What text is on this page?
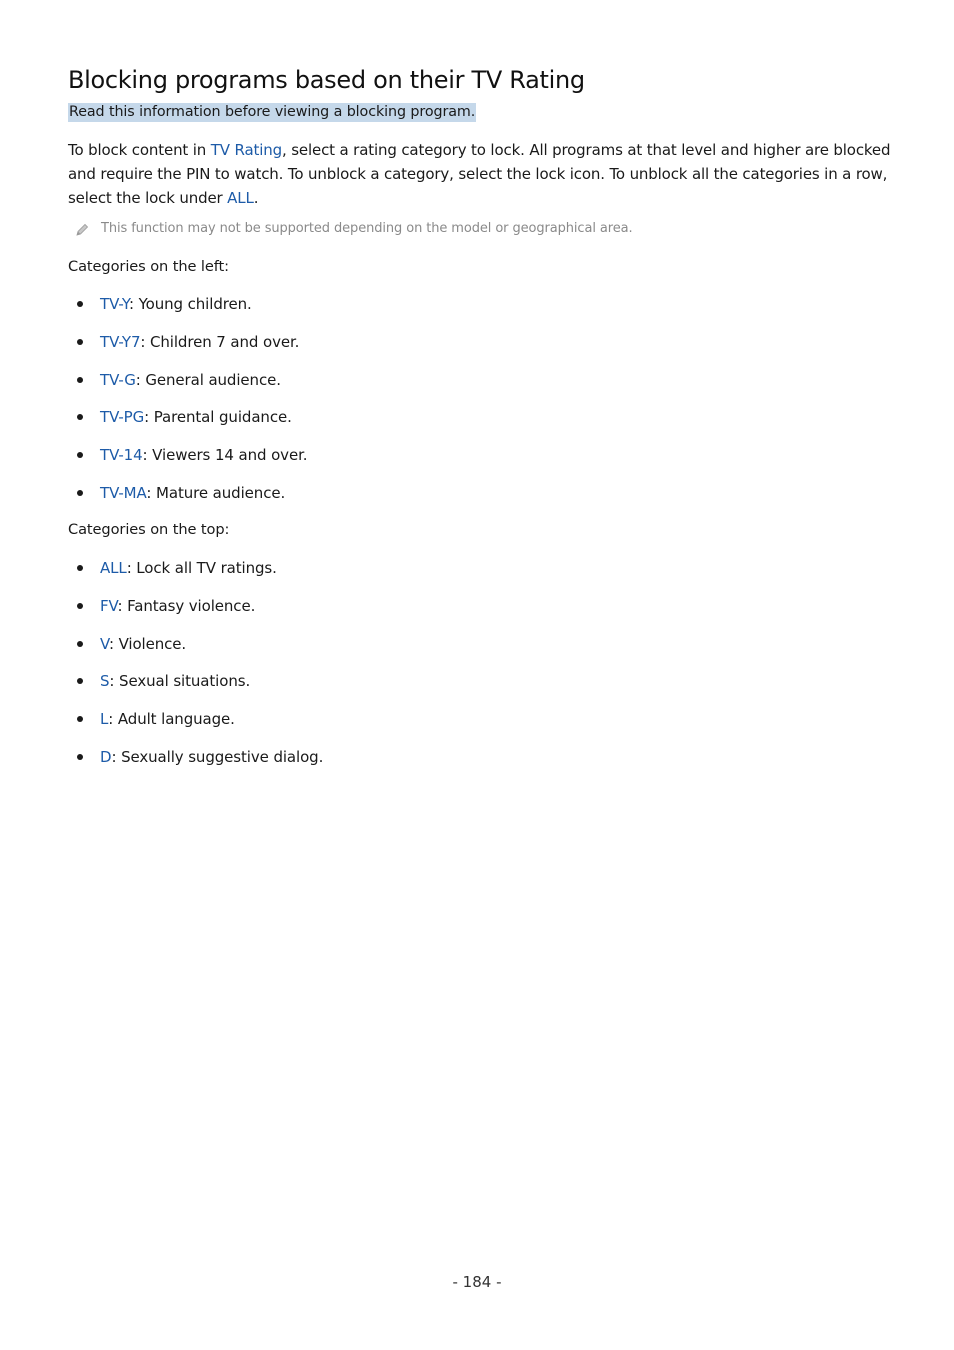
Blocking programs based on their TV Rating
Read this information before viewing a blocking program.

To block content in TV Rating, select a rating category to lock. All programs at that level and higher are blocked and require the PIN to watch. To unblock a category, select the lock icon. To unblock all the categories in a row, select the lock under ALL.

This function may not be supported depending on the model or geographical area.
Categories on the left:
TV-Y: Young children.
TV-Y7: Children 7 and over.
TV-G: General audience.
TV-PG: Parental guidance.
TV-14: Viewers 14 and over.
TV-MA: Mature audience.
Categories on the top:
ALL: Lock all TV ratings.
FV: Fantasy violence.
V: Violence.
S: Sexual situations.
L: Adult language.
D: Sexually suggestive dialog.
- 184 -
